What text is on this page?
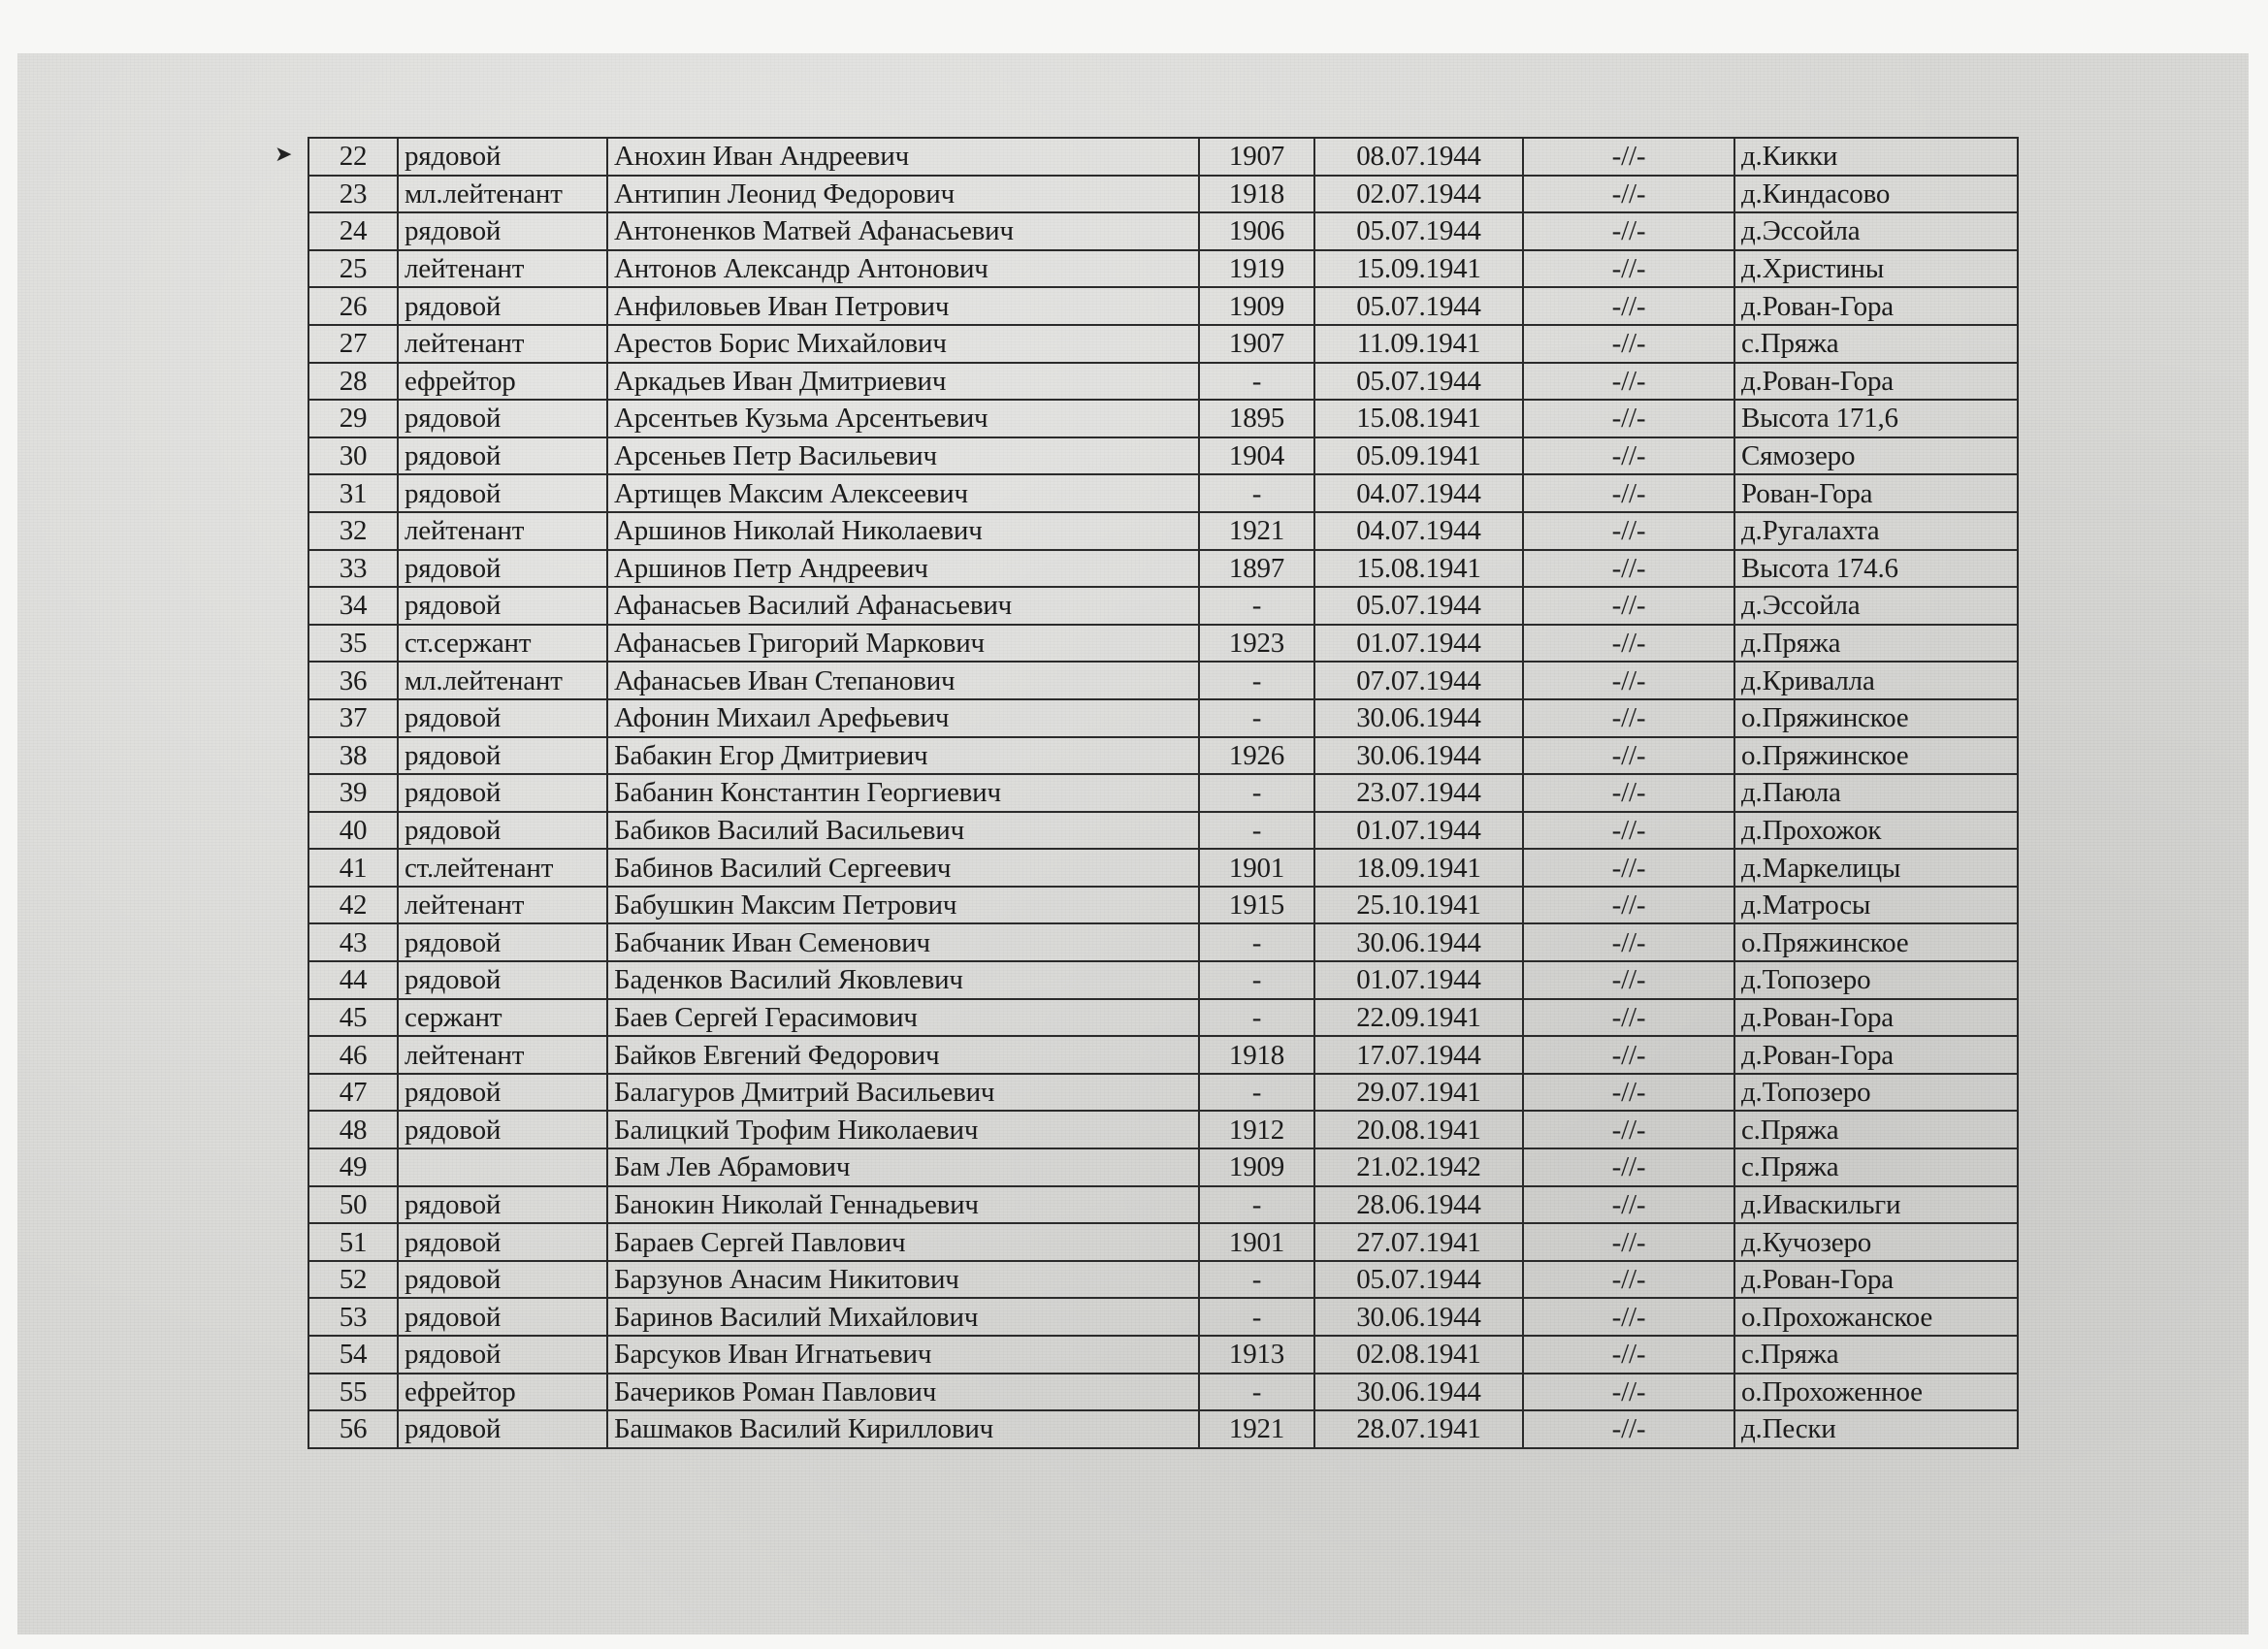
➤ 22	рядовой	Анохин Иван Андреевич	1907	08.07.1944	-//-	д.Кикки
23	мл.лейтенант	Антипин Леонид Федорович	1918	02.07.1944	-//-	д.Киндасово
24	рядовой	Антоненков Матвей Афанасьевич	1906	05.07.1944	-//-	д.Эссойла
25	лейтенант	Антонов Александр Антонович	1919	15.09.1941	-//-	д.Христины
26	рядовой	Анфиловьев Иван Петрович	1909	05.07.1944	-//-	д.Рован-Гора
27	лейтенант	Арестов Борис Михайлович	1907	11.09.1941	-//-	с.Пряжа
28	ефрейтор	Аркадьев Иван Дмитриевич	-	05.07.1944	-//-	д.Рован-Гора
29	рядовой	Арсентьев Кузьма Арсентьевич	1895	15.08.1941	-//-	Высота 171,6
30	рядовой	Арсеньев Петр Васильевич	1904	05.09.1941	-//-	Сямозеро
31	рядовой	Артищев Максим Алексеевич	-	04.07.1944	-//-	Рован-Гора
32	лейтенант	Аршинов Николай Николаевич	1921	04.07.1944	-//-	д.Ругалахта
33	рядовой	Аршинов Петр Андреевич	1897	15.08.1941	-//-	Высота 174.6
34	рядовой	Афанасьев Василий Афанасьевич	-	05.07.1944	-//-	д.Эссойла
35	ст.сержант	Афанасьев Григорий Маркович	1923	01.07.1944	-//-	д.Пряжа
36	мл.лейтенант	Афанасьев Иван Степанович	-	07.07.1944	-//-	д.Кривалла
37	рядовой	Афонин Михаил Арефьевич	-	30.06.1944	-//-	о.Пряжинское
38	рядовой	Бабакин Егор Дмитриевич	1926	30.06.1944	-//-	о.Пряжинское
39	рядовой	Бабанин Константин Георгиевич	-	23.07.1944	-//-	д.Паюла
40	рядовой	Бабиков Василий Васильевич	-	01.07.1944	-//-	д.Прохожок
41	ст.лейтенант	Бабинов Василий Сергеевич	1901	18.09.1941	-//-	д.Маркелицы
42	лейтенант	Бабушкин Максим Петрович	1915	25.10.1941	-//-	д.Матросы
43	рядовой	Бабчаник Иван Семенович	-	30.06.1944	-//-	о.Пряжинское
44	рядовой	Баденков Василий Яковлевич	-	01.07.1944	-//-	д.Топозеро
45	сержант	Баев Сергей Герасимович	-	22.09.1941	-//-	д.Рован-Гора
46	лейтенант	Байков Евгений Федорович	1918	17.07.1944	-//-	д.Рован-Гора
47	рядовой	Балагуров Дмитрий Васильевич	-	29.07.1941	-//-	д.Топозеро
48	рядовой	Балицкий Трофим Николаевич	1912	20.08.1941	-//-	с.Пряжа
49		Бам Лев Абрамович	1909	21.02.1942	-//-	с.Пряжа
50	рядовой	Банокин Николай Геннадьевич	-	28.06.1944	-//-	д.Иваскильги
51	рядовой	Бараев Сергей Павлович	1901	27.07.1941	-//-	д.Кучозеро
52	рядовой	Барзунов Анасим Никитович	-	05.07.1944	-//-	д.Рован-Гора
53	рядовой	Баринов Василий Михайлович	-	30.06.1944	-//-	о.Прохожанское
54	рядовой	Барсуков Иван Игнатьевич	1913	02.08.1941	-//-	с.Пряжа
55	ефрейтор	Бачериков Роман Павлович	-	30.06.1944	-//-	о.Прохоженное
56	рядовой	Башмаков Василий Кириллович	1921	28.07.1941	-//-	д.Пески
